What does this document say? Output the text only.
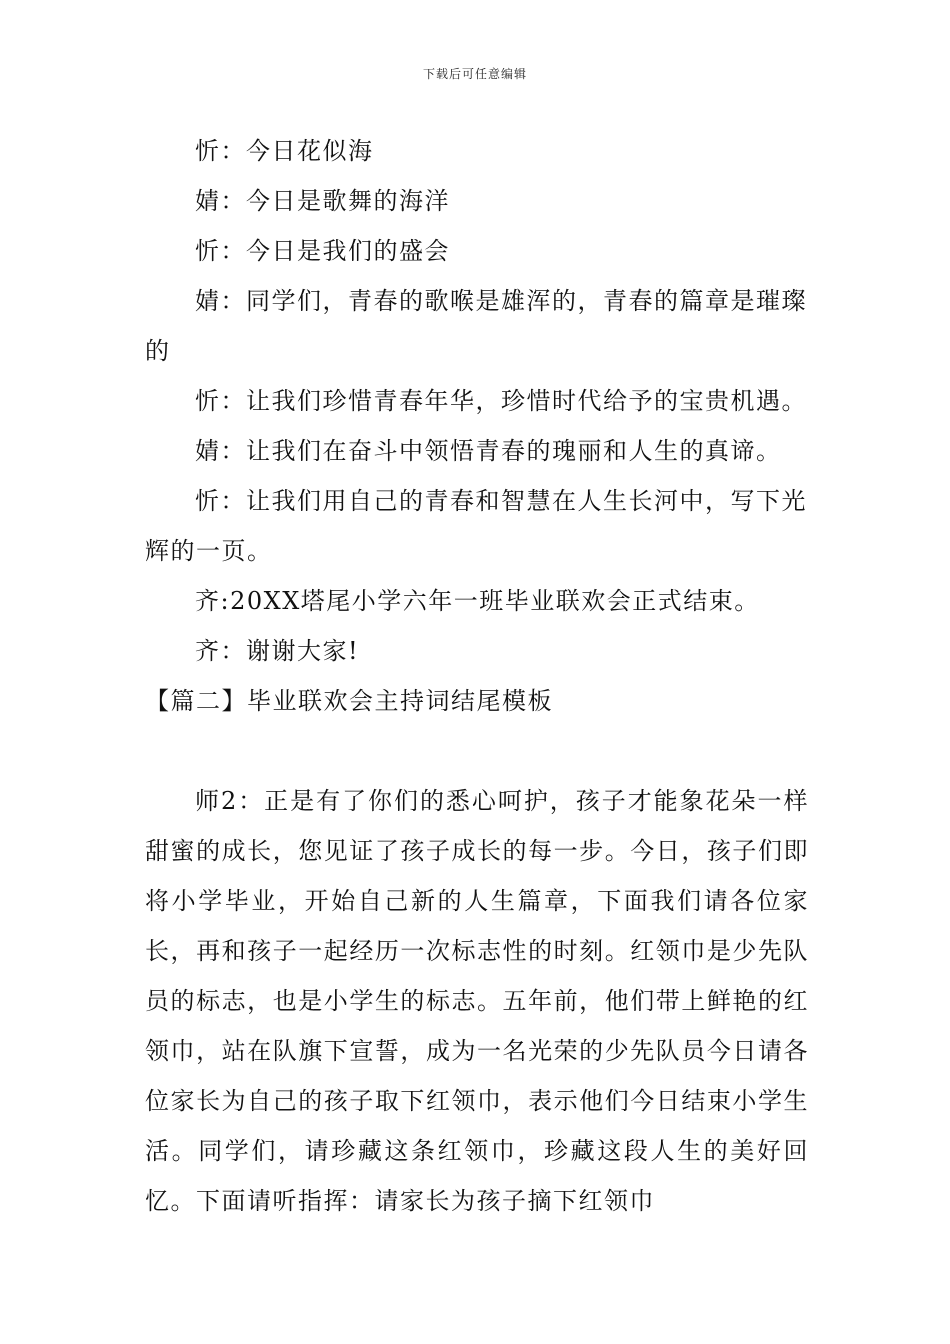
下载后可任意编辑

忻：今日花似海

婧：今日是歌舞的海洋

忻：今日是我们的盛会

婧：同学们，青春的歌喉是雄浑的，青春的篇章是璀璨的

忻：让我们珍惜青春年华，珍惜时代给予的宝贵机遇。

婧：让我们在奋斗中领悟青春的瑰丽和人生的真谛。

忻：让我们用自己的青春和智慧在人生长河中，写下光辉的一页。

齐:20XX塔尾小学六年一班毕业联欢会正式结束。

齐：谢谢大家!

【篇二】毕业联欢会主持词结尾模板

师2：正是有了你们的悉心呵护，孩子才能象花朵一样甜蜜的成长，您见证了孩子成长的每一步。今日，孩子们即将小学毕业，开始自己新的人生篇章，下面我们请各位家长，再和孩子一起经历一次标志性的时刻。红领巾是少先队员的标志，也是小学生的标志。五年前，他们带上鲜艳的红领巾，站在队旗下宣誓，成为一名光荣的少先队员今日请各位家长为自己的孩子取下红领巾，表示他们今日结束小学生活。同学们，请珍藏这条红领巾，珍藏这段人生的美好回忆。下面请听指挥：请家长为孩子摘下红领巾
